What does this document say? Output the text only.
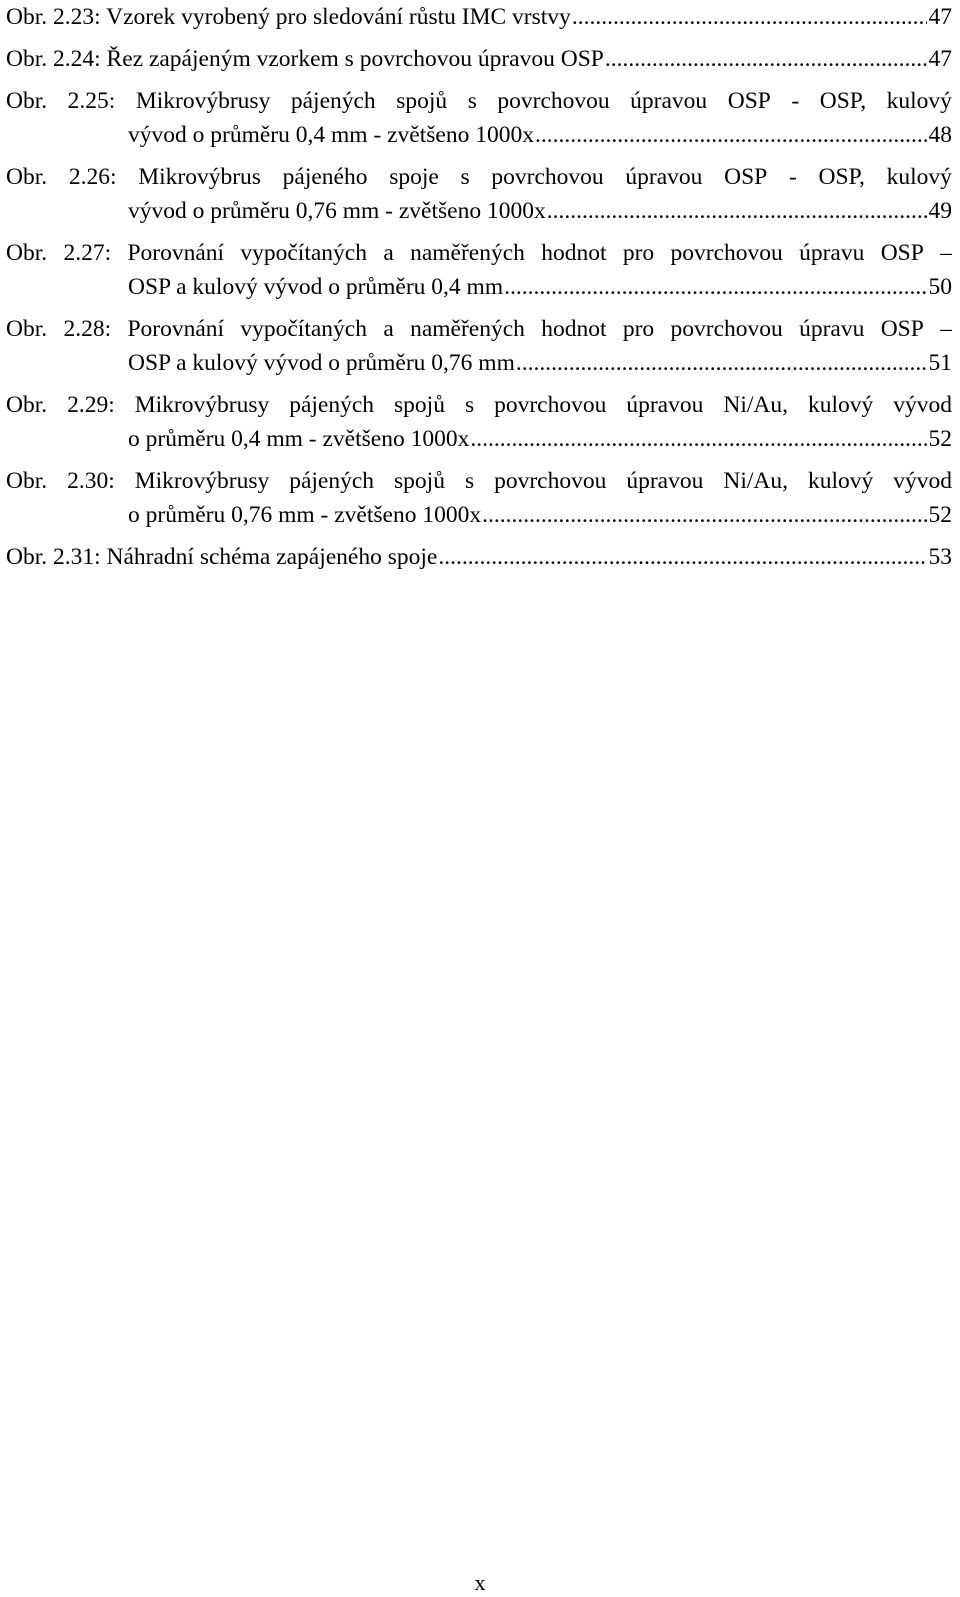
Obr. 2.23: Vzorek vyrobený pro sledování růstu IMC vrstvy .....	47
Obr. 2.24: Řez zapájeným vzorkem s povrchovou úpravou OSP .....	47
Obr. 2.25: Mikrovýbrusy pájených spojů s povrchovou úpravou OSP - OSP, kulový
vývod o průměru 0,4 mm - zvětšeno 1000x .....	48
Obr. 2.26: Mikrovýbrus pájeného spoje s povrchovou úpravou OSP - OSP, kulový
vývod o průměru 0,76 mm - zvětšeno 1000x .....	49
Obr. 2.27: Porovnání vypočítaných a naměřených hodnot pro povrchovou úpravu OSP –
OSP a kulový vývod o průměru 0,4 mm .....	50
Obr. 2.28: Porovnání vypočítaných a naměřených hodnot pro povrchovou úpravu OSP –
OSP a kulový vývod o průměru 0,76 mm .....	51
Obr. 2.29: Mikrovýbrusy pájených spojů s povrchovou úpravou Ni/Au, kulový vývod
o průměru 0,4 mm - zvětšeno 1000x .....	52
Obr. 2.30: Mikrovýbrusy pájených spojů s povrchovou úpravou Ni/Au, kulový vývod
o průměru 0,76 mm - zvětšeno 1000x .....	52
Obr. 2.31: Náhradní schéma zapájeného spoje .....	53
x
